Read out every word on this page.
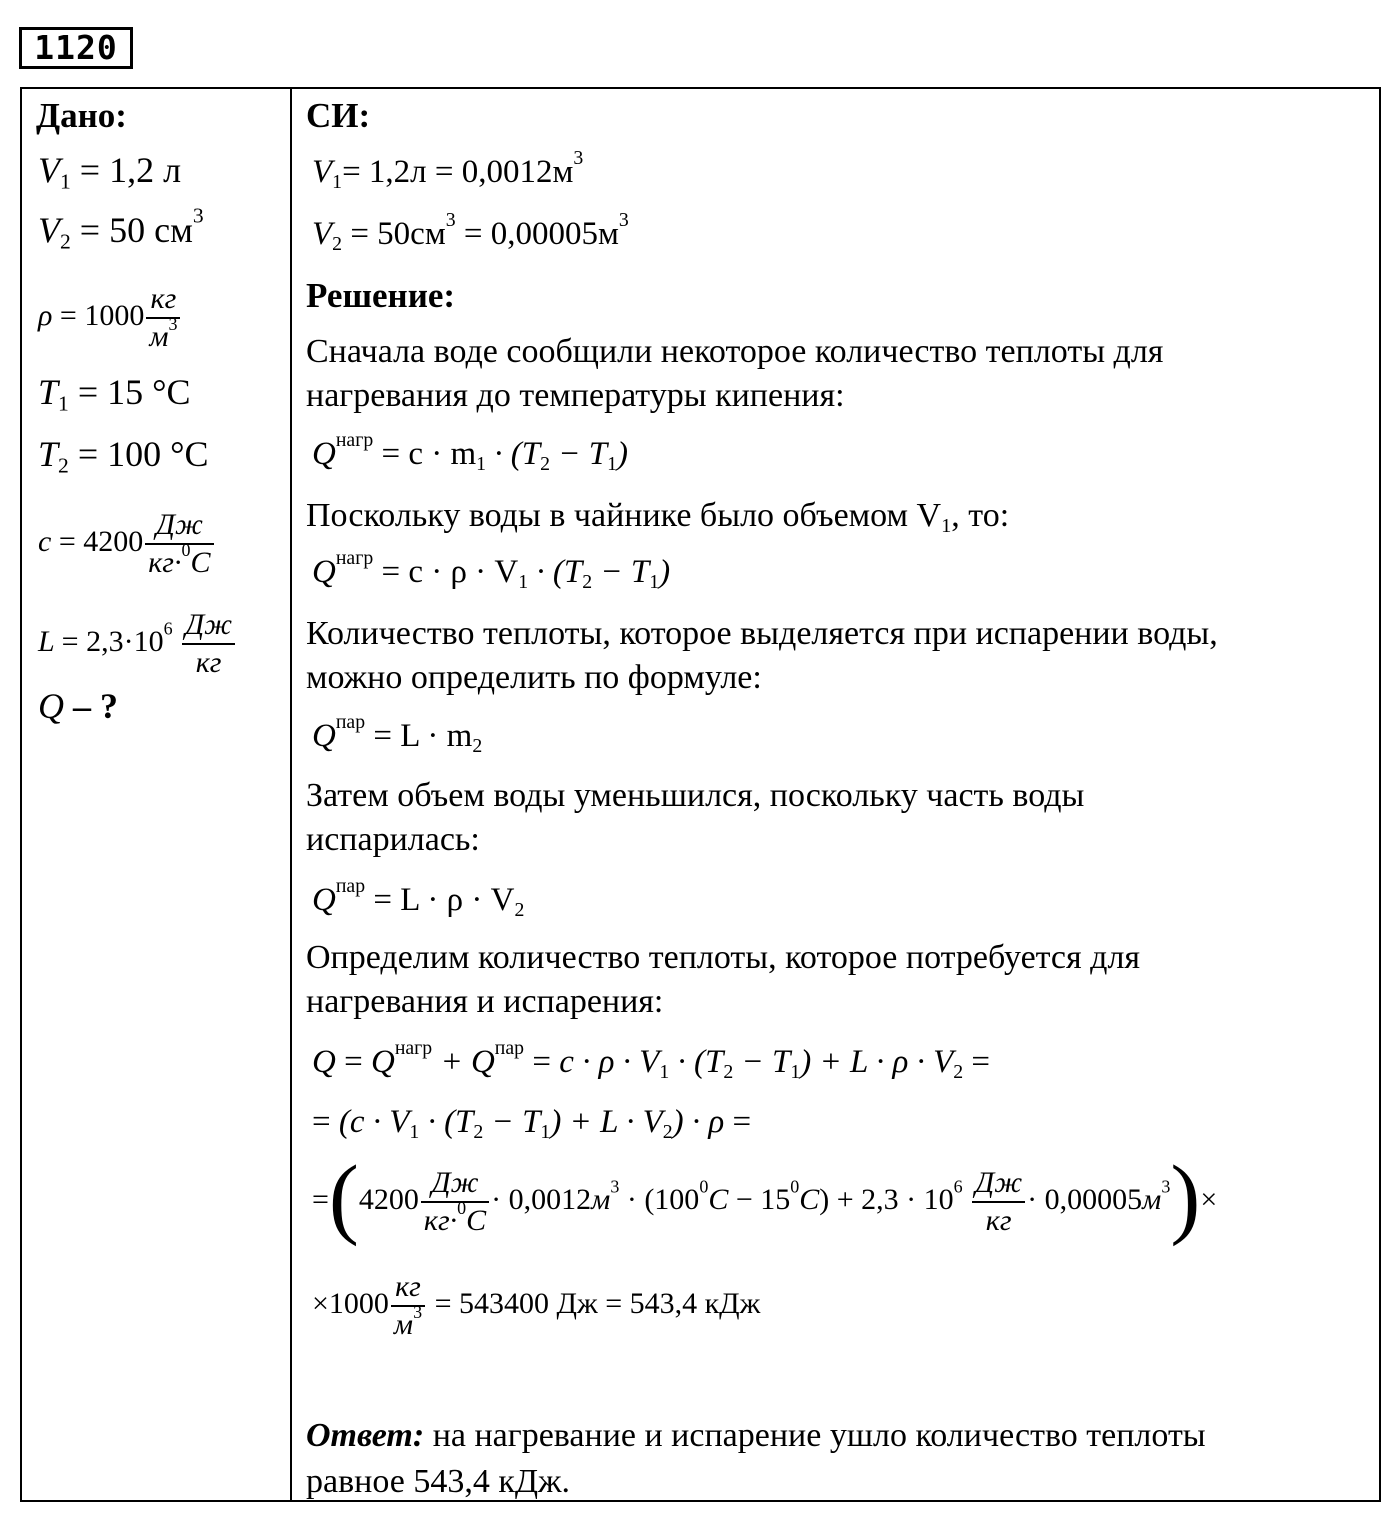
1120
Дано:
$V_1 = 1,2$ л
$V_2 = 50$ $см^3$
$\rho = 1000 \frac{кг}{м^3}$
$T_1 = 15$ °С
$T_2 = 100$ °С
$c = 4200 \frac{Дж}{кг\cdot^0С}$
$L = 2,3\cdot 10^6 \frac{Дж}{кг}$
Q – ?
СИ:
$V_1= 1,2л = 0,0012м^3$
$V_2 = 50см^3 = 0,00005м^3$
Решение:
Сначала воде сообщили некоторое количество теплоты для
нагревания до температуры кипения:
$Q^{нагр} = c \cdot m_1 \cdot (T_2 - T_1)$
Поскольку воды в чайнике было объемом $V_1$, то:
$Q^{нагр} = c \cdot \rho \cdot V_1 \cdot (T_2 - T_1)$
Количество теплоты, которое выделяется при испарении воды,
можно определить по формуле:
$Q^{пар} = L \cdot m_2$
Затем объем воды уменьшился, поскольку часть воды
испарилась:
$Q^{пар} = L \cdot \rho \cdot V_2$
Определим количество теплоты, которое потребуется для
нагревания и испарения:
$Q = Q^{нагр} + Q^{пар} = c \cdot \rho \cdot V_1 \cdot (T_2 - T_1) + L \cdot \rho \cdot V_2$ =
= $(c \cdot V_1 \cdot (T_2 - T_1) + L \cdot V_2) \cdot \rho$ =
$=(4200 \frac{Дж}{кг\cdot^0С} \cdot 0,0012м^3 \cdot (100^0С - 15^0С) + 2,3 \cdot 10^6 \frac{Дж}{кг} \cdot 0,00005м^3)\times$
$\times 1000 \frac{кг}{м^3} = 543400$ Дж = 543,4 кДж
Ответ: на нагревание и испарение ушло количество теплоты
равное 543,4 кДж.
